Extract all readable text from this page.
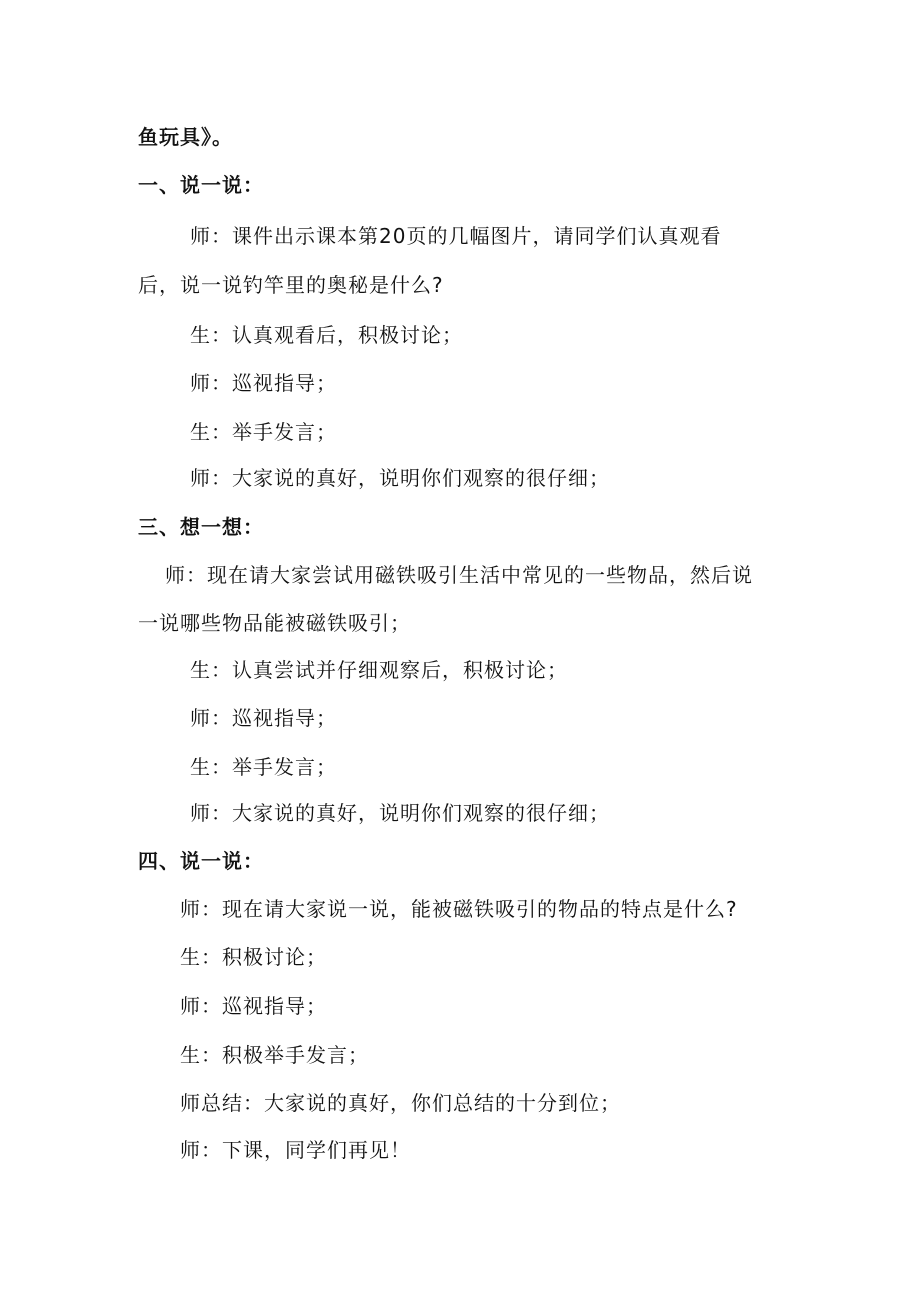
鱼玩具》。
一、说一说：
师：课件出示课本第20页的几幅图片，请同学们认真观看
后，说一说钓竿里的奥秘是什么?
生：认真观看后，积极讨论；
师：巡视指导；
生：举手发言；
师：大家说的真好，说明你们观察的很仔细；
三、想一想：
师：现在请大家尝试用磁铁吸引生活中常见的一些物品，然后说
一说哪些物品能被磁铁吸引；
生：认真尝试并仔细观察后，积极讨论；
师：巡视指导；
生：举手发言；
师：大家说的真好，说明你们观察的很仔细；
四、说一说：
师：现在请大家说一说，能被磁铁吸引的物品的特点是什么?
生：积极讨论；
师：巡视指导；
生：积极举手发言；
师总结：大家说的真好，你们总结的十分到位；
师：下课，同学们再见！
